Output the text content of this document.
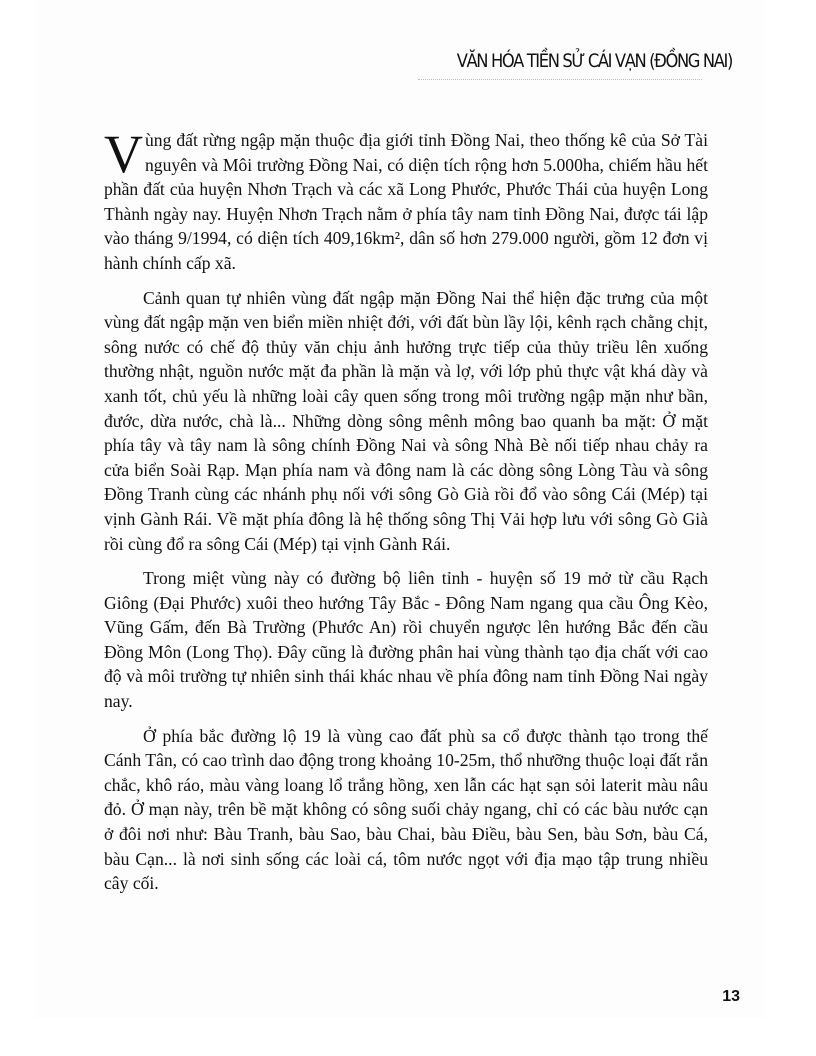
VĂN HÓA TIỀN SỬ CÁI VẠN (ĐỒNG NAI)

Vùng đất rừng ngập mặn thuộc địa giới tỉnh Đồng Nai, theo thống kê của Sở Tài nguyên và Môi trường Đồng Nai, có diện tích rộng hơn 5.000ha, chiếm hầu hết phần đất của huyện Nhơn Trạch và các xã Long Phước, Phước Thái của huyện Long Thành ngày nay. Huyện Nhơn Trạch nằm ở phía tây nam tỉnh Đồng Nai, được tái lập vào tháng 9/1994, có diện tích 409,16km², dân số hơn 279.000 người, gồm 12 đơn vị hành chính cấp xã.

Cảnh quan tự nhiên vùng đất ngập mặn Đồng Nai thể hiện đặc trưng của một vùng đất ngập mặn ven biển miền nhiệt đới, với đất bùn lầy lội, kênh rạch chằng chịt, sông nước có chế độ thủy văn chịu ảnh hưởng trực tiếp của thủy triều lên xuống thường nhật, nguồn nước mặt đa phần là mặn và lợ, với lớp phủ thực vật khá dày và xanh tốt, chủ yếu là những loài cây quen sống trong môi trường ngập mặn như bần, đước, dừa nước, chà là... Những dòng sông mênh mông bao quanh ba mặt: Ở mặt phía tây và tây nam là sông chính Đồng Nai và sông Nhà Bè nối tiếp nhau chảy ra cửa biển Soài Rạp. Mạn phía nam và đông nam là các dòng sông Lòng Tàu và sông Đồng Tranh cùng các nhánh phụ nối với sông Gò Già rồi đổ vào sông Cái (Mép) tại vịnh Gành Rái. Về mặt phía đông là hệ thống sông Thị Vải hợp lưu với sông Gò Già rồi cùng đổ ra sông Cái (Mép) tại vịnh Gành Rái.

Trong miệt vùng này có đường bộ liên tỉnh - huyện số 19 mở từ cầu Rạch Giông (Đại Phước) xuôi theo hướng Tây Bắc - Đông Nam ngang qua cầu Ông Kèo, Vũng Gấm, đến Bà Trường (Phước An) rồi chuyển ngược lên hướng Bắc đến cầu Đồng Môn (Long Thọ). Đây cũng là đường phân hai vùng thành tạo địa chất với cao độ và môi trường tự nhiên sinh thái khác nhau về phía đông nam tỉnh Đồng Nai ngày nay.

Ở phía bắc đường lộ 19 là vùng cao đất phù sa cổ được thành tạo trong thế Cánh Tân, có cao trình dao động trong khoảng 10-25m, thổ nhưỡng thuộc loại đất rắn chắc, khô ráo, màu vàng loang lổ trắng hồng, xen lẫn các hạt sạn sỏi laterit màu nâu đỏ. Ở mạn này, trên bề mặt không có sông suối chảy ngang, chỉ có các bàu nước cạn ở đôi nơi như: Bàu Tranh, bàu Sao, bàu Chai, bàu Điều, bàu Sen, bàu Sơn, bàu Cá, bàu Cạn... là nơi sinh sống các loài cá, tôm nước ngọt với địa mạo tập trung nhiều cây cối.

13
